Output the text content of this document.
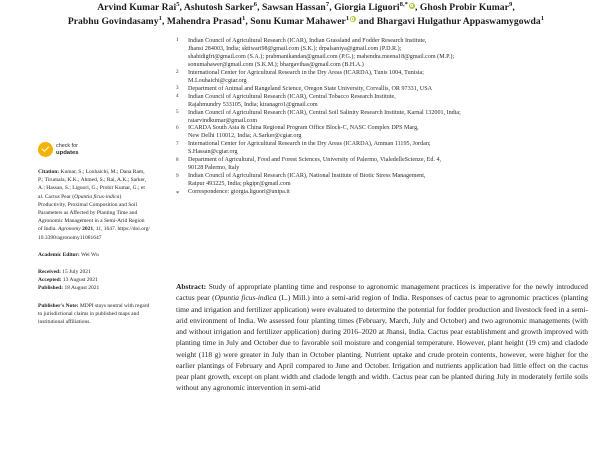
Arvind Kumar Rai$^5$, Ashutosh Sarker$^6$, Sawsan Hassan$^7$, Giorgia Liguori$^{8,*}$ , Ghosh Probir Kumar$^9$,
Prabhu Govindasamy$^1$, Mahendra Prasad$^1$, Sonu Kumar Mahawer$^1$ and Bhargavi Hulgathur Appaswamygowda$^1$
1	Indian Council of Agricultural Research (ICAR), Indian Grassland and Fodder Research Institute,
Jhansi 284003, India; sktiwari98@gmail.com (S.K.); drpalsaniya@gmail.com (P.D.R.);
shahidigfri@gmail.com (S.A.); prabmanikandan@gmail.com (P.G.); mahendra.meena18@gmail.com (M.P.);
sonumahawer@gmail.com (S.K.M.); bhargavihas@gmail.com (B.H.A.)
2	International Center for Agricultural Research in the Dry Areas (ICARDA), Tunis 1004, Tunisia;
M.Louhaichi@cgiar.org
3	Department of Animal and Rangeland Science, Oregon State University, Corvallis, OR 97331, USA
4	Indian Council of Agricultural Research (ICAR), Central Tobacco Research Institute,
Rajahmundry 533105, India; kiranagro1@gmail.com
5	Indian Council of Agricultural Research (ICAR), Central Soil Salinity Research Institute, Karnal 132001, India;
raiarvindkumar@gmail.com
6	ICARDA South Asia & China Regional Program Office Block-C, NASC Complex DPS Marg,
New Delhi 110012, India; A.Sarker@cgiar.org
7	International Center for Agricultural Research in the Dry Areas (ICARDA), Amman 11195, Jordan;
S.Hassan@cgiar.org
8	Department of Agricultural, Food and Forest Sciences, University of Palermo, VialedelleScienze, Ed. 4,
90128 Palermo, Italy
9	Indian Council of Agricultural Research (ICAR), National Institute of Biotic Stress Management,
Raipur 493225, India; pkgipr@gmail.com
* Correspondence: giorgia.liguori@unipa.it
check for
updates
Citation: Kumar, S.; Louhaichi, M.; Dana Ram, P.; Tirumala, K.K.; Ahmed, S.; Rai, A.K.; Sarker, A.; Hassan, S.; Liguori, G.; Probir Kumar, G.; et al. Cactus Pear (Opuntia ficus-indica) Productivity, Proximal Composition and Soil Parameters as Affected by Planting Time and Agronomic Management in a Semi-Arid Region of India. Agronomy 2021, 11, 1647. https://doi.org/10.3390/agronomy11081647
Academic Editor: Wei Wu
Received: 15 July 2021
Accepted: 13 August 2021
Published: 18 August 2021
Publisher's Note: MDPI stays neutral with regard to jurisdictional claims in published maps and institutional affiliations.
Abstract: Study of appropriate planting time and response to agronomic management practices is imperative for the newly introduced cactus pear (Opuntia ficus-indica (L.) Mill.) into a semi-arid region of India. Responses of cactus pear to agronomic practices (planting time and irrigation and fertilizer application) were evaluated to determine the potential for fodder production and livestock feed in a semi-arid environment of India. We assessed four planting times (February, March, July and October) and two agronomic managements (with and without irrigation and fertilizer application) during 2016–2020 at Jhansi, India. Cactus pear establishment and growth improved with planting time in July and October due to favorable soil moisture and congenial temperature. However, plant height (19 cm) and cladode weight (118 g) were greater in July than in October planting. Nutrient uptake and crude protein contents, however, were higher for the earlier plantings of February and April compared to June and October. Irrigation and nutrients application had little effect on the cactus pear plant growth, except on plant width and cladode length and width. Cactus pear can be planted during July in moderately fertile soils without any agronomic intervention in semi-arid
